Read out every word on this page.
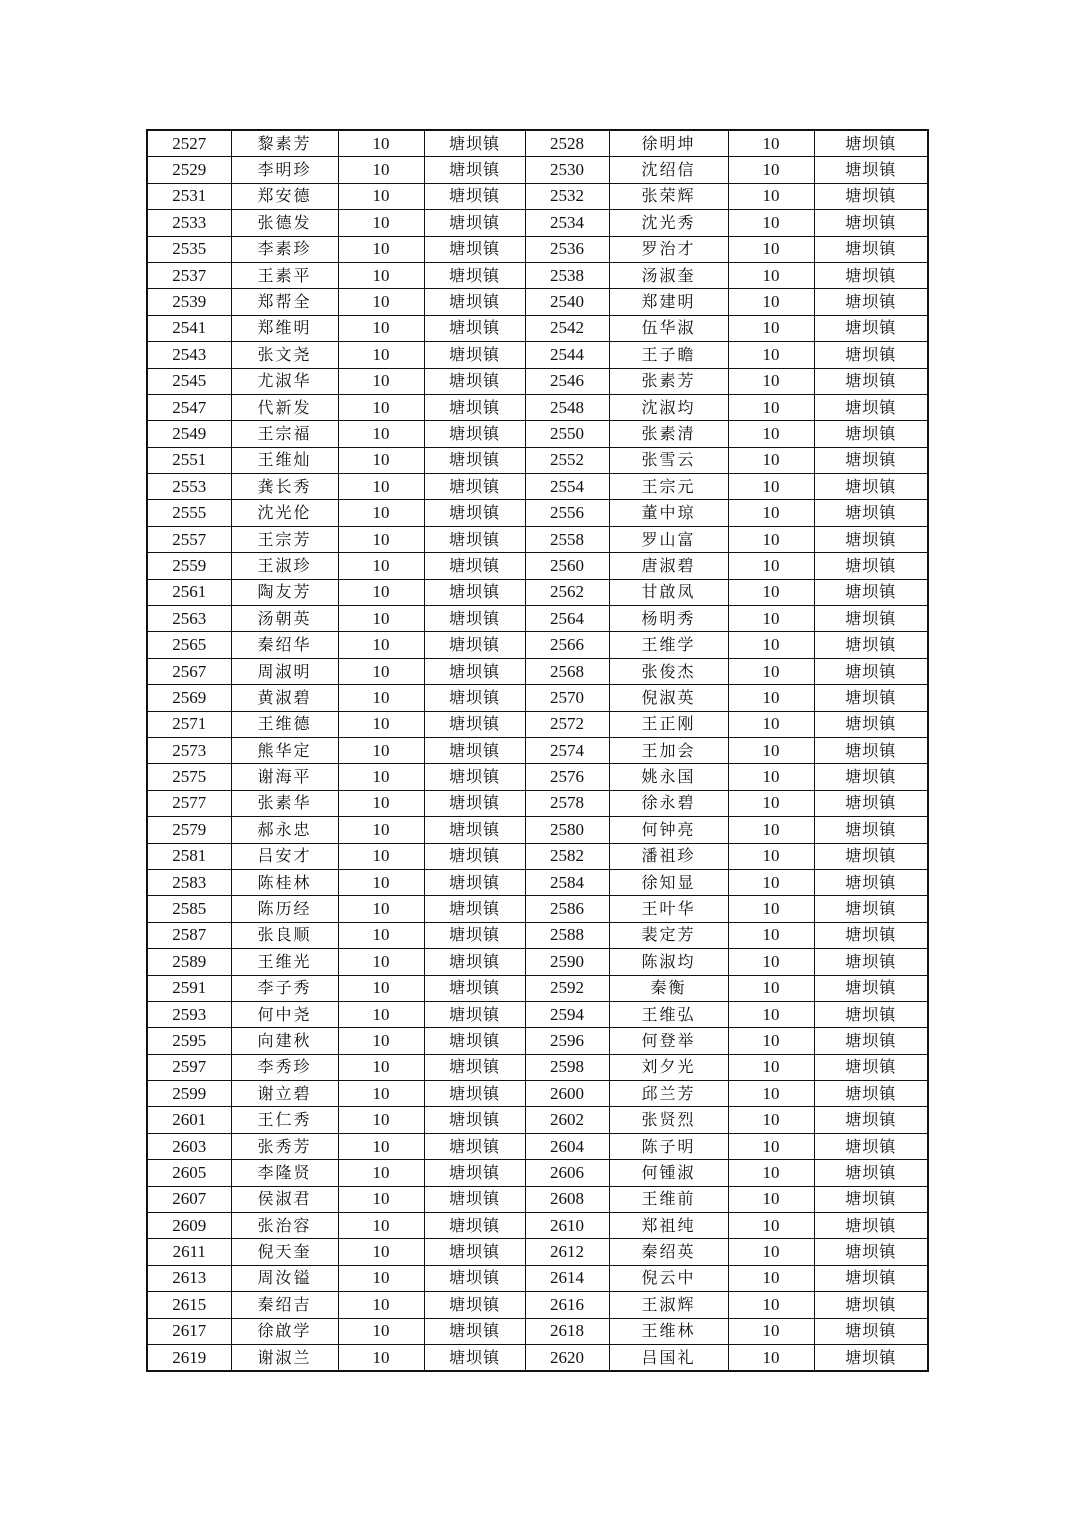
2527	黎素芳	10	塘坝镇	2528	徐明坤	10	塘坝镇
2529	李明珍	10	塘坝镇	2530	沈绍信	10	塘坝镇
2531	郑安德	10	塘坝镇	2532	张荣辉	10	塘坝镇
2533	张德发	10	塘坝镇	2534	沈光秀	10	塘坝镇
2535	李素珍	10	塘坝镇	2536	罗治才	10	塘坝镇
2537	王素平	10	塘坝镇	2538	汤淑奎	10	塘坝镇
2539	郑帮全	10	塘坝镇	2540	郑建明	10	塘坝镇
2541	郑维明	10	塘坝镇	2542	伍华淑	10	塘坝镇
2543	张文尧	10	塘坝镇	2544	王子瞻	10	塘坝镇
2545	尤淑华	10	塘坝镇	2546	张素芳	10	塘坝镇
2547	代新发	10	塘坝镇	2548	沈淑均	10	塘坝镇
2549	王宗福	10	塘坝镇	2550	张素清	10	塘坝镇
2551	王维灿	10	塘坝镇	2552	张雪云	10	塘坝镇
2553	龚长秀	10	塘坝镇	2554	王宗元	10	塘坝镇
2555	沈光伦	10	塘坝镇	2556	董中琼	10	塘坝镇
2557	王宗芳	10	塘坝镇	2558	罗山富	10	塘坝镇
2559	王淑珍	10	塘坝镇	2560	唐淑碧	10	塘坝镇
2561	陶友芳	10	塘坝镇	2562	甘啟凤	10	塘坝镇
2563	汤朝英	10	塘坝镇	2564	杨明秀	10	塘坝镇
2565	秦绍华	10	塘坝镇	2566	王维学	10	塘坝镇
2567	周淑明	10	塘坝镇	2568	张俊杰	10	塘坝镇
2569	黄淑碧	10	塘坝镇	2570	倪淑英	10	塘坝镇
2571	王维德	10	塘坝镇	2572	王正刚	10	塘坝镇
2573	熊华定	10	塘坝镇	2574	王加会	10	塘坝镇
2575	谢海平	10	塘坝镇	2576	姚永国	10	塘坝镇
2577	张素华	10	塘坝镇	2578	徐永碧	10	塘坝镇
2579	郝永忠	10	塘坝镇	2580	何钟亮	10	塘坝镇
2581	吕安才	10	塘坝镇	2582	潘祖珍	10	塘坝镇
2583	陈桂林	10	塘坝镇	2584	徐知显	10	塘坝镇
2585	陈历经	10	塘坝镇	2586	王叶华	10	塘坝镇
2587	张良顺	10	塘坝镇	2588	裴定芳	10	塘坝镇
2589	王维光	10	塘坝镇	2590	陈淑均	10	塘坝镇
2591	李子秀	10	塘坝镇	2592	秦衡	10	塘坝镇
2593	何中尧	10	塘坝镇	2594	王维弘	10	塘坝镇
2595	向建秋	10	塘坝镇	2596	何登举	10	塘坝镇
2597	李秀珍	10	塘坝镇	2598	刘夕光	10	塘坝镇
2599	谢立碧	10	塘坝镇	2600	邱兰芳	10	塘坝镇
2601	王仁秀	10	塘坝镇	2602	张贤烈	10	塘坝镇
2603	张秀芳	10	塘坝镇	2604	陈子明	10	塘坝镇
2605	李隆贤	10	塘坝镇	2606	何锺淑	10	塘坝镇
2607	侯淑君	10	塘坝镇	2608	王维前	10	塘坝镇
2609	张治容	10	塘坝镇	2610	郑祖纯	10	塘坝镇
2611	倪天奎	10	塘坝镇	2612	秦绍英	10	塘坝镇
2613	周汝镒	10	塘坝镇	2614	倪云中	10	塘坝镇
2615	秦绍吉	10	塘坝镇	2616	王淑辉	10	塘坝镇
2617	徐啟学	10	塘坝镇	2618	王维林	10	塘坝镇
2619	谢淑兰	10	塘坝镇	2620	吕国礼	10	塘坝镇
